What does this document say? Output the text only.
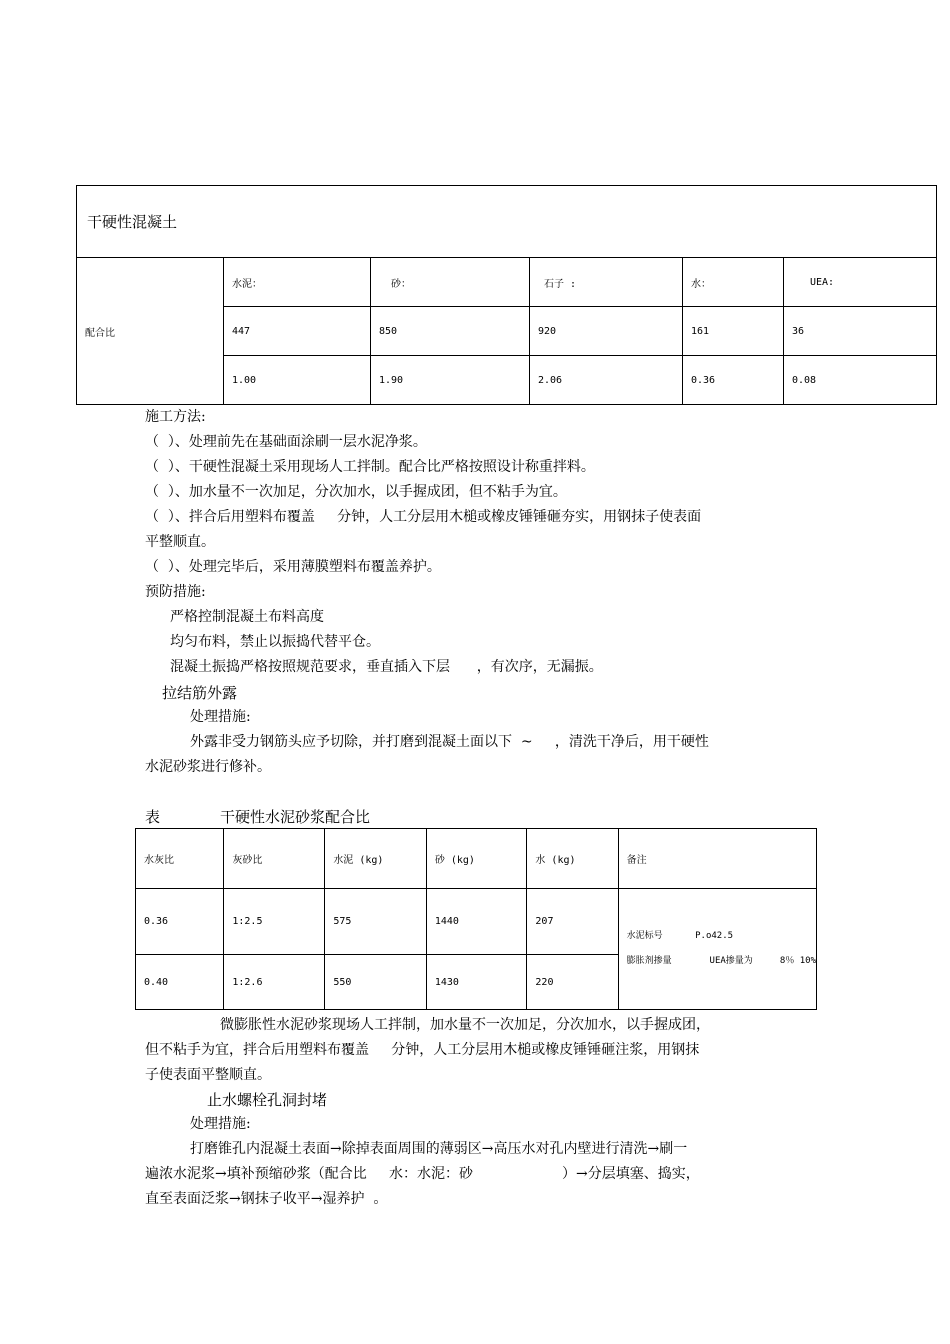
干硬性混凝土					
配合比	水泥：	砂：	石子 :	水：	UEA:
	447	850	920	161	36
	1.00	1.90	2.06	0.36	0.08
施工方法:
（  ）、处理前先在基础面涂刷一层水泥净浆。
（  ）、干硬性混凝土采用现场人工拌制。配合比严格按照设计称重拌料。
（  ）、加水量不一次加足，分次加水，以手握成团，但不粘手为宜。
（  ）、拌合后用塑料布覆盖     分钟，人工分层用木槌或橡皮锤锤砸夯实，用钢抹子使表面
平整顺直。
（  ）、处理完毕后，采用薄膜塑料布覆盖养护。
预防措施:
严格控制混凝土布料高度
均匀布料，禁止以振捣代替平仓。
混凝土振捣严格按照规范要求，垂直插入下层      ，有次序，无漏振。
拉结筋外露
处理措施:
外露非受力钢筋头应予切除，并打磨到混凝土面以下  ~     ，清洗干净后，用干硬性
水泥砂浆进行修补。
表	干硬性水泥砂浆配合比
水灰比	灰砂比	水泥 (kg)	砂 (kg)	水 (kg)	备注
0.36	1:2.5	575	1440	207	水泥标号      P.o42.5
膨胀剂掺量       UEA掺量为     8％ 10%

0.40	1:2.6	550	1430	220	
微膨胀性水泥砂浆现场人工拌制，加水量不一次加足，分次加水，以手握成团，
但不粘手为宜，拌合后用塑料布覆盖     分钟，人工分层用木槌或橡皮锤锤砸注浆，用钢抹
子使表面平整顺直。
止水螺栓孔洞封堵
处理措施:
打磨锥孔内混凝土表面→除掉表面周围的薄弱区→高压水对孔内壁进行清洗→刷一
遍浓水泥浆→填补预缩砂浆（配合比     水：水泥：砂                    ）→分层填塞、捣实，
直至表面泛浆→钢抹子收平→湿养护  。
